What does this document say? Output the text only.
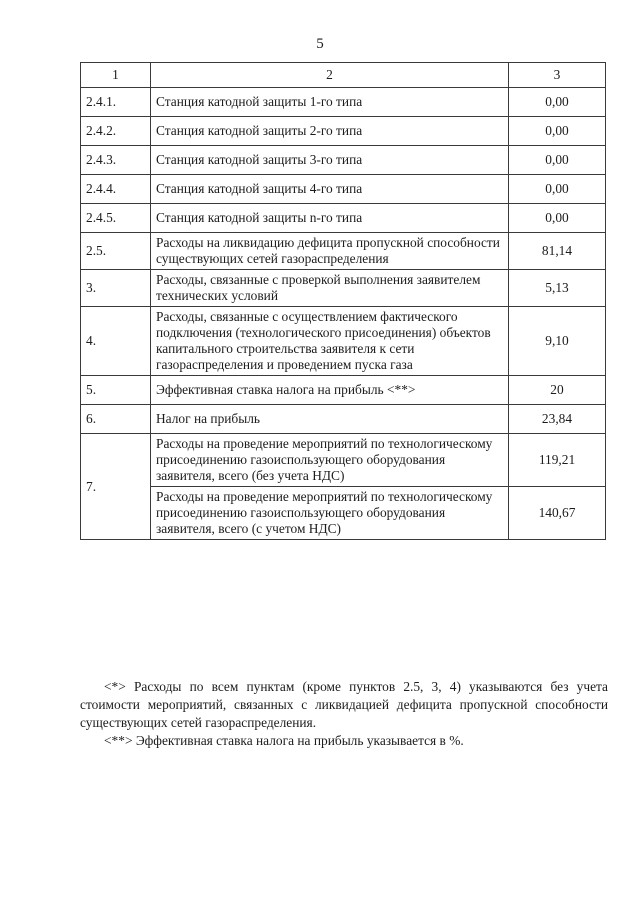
5
1	2	3
2.4.1.	Станция катодной защиты 1-го типа	0,00
2.4.2.	Станция катодной защиты 2-го типа	0,00
2.4.3.	Станция катодной защиты 3-го типа	0,00
2.4.4.	Станция катодной защиты 4-го типа	0,00
2.4.5.	Станция катодной защиты n-го типа	0,00
2.5.	Расходы на ликвидацию дефицита пропускной способности существующих сетей газораспределения	81,14
3.	Расходы, связанные с проверкой выполнения заявителем технических условий	5,13
4.	Расходы, связанные с осуществлением фактического подключения (технологического присоединения) объектов капитального строительства заявителя к сети газораспределения и проведением пуска газа	9,10
5.	Эффективная ставка налога на прибыль <**>	20
6.	Налог на прибыль	23,84
7.	Расходы на проведение мероприятий по технологическому присоединению газоиспользующего оборудования заявителя, всего (без учета НДС)	119,21
	Расходы на проведение мероприятий по технологическому присоединению газоиспользующего оборудования заявителя, всего (с учетом НДС)	140,67

<*> Расходы по всем пунктам (кроме пунктов 2.5, 3, 4) указываются без учета стоимости мероприятий, связанных с ликвидацией дефицита пропускной способности существующих сетей газораспределения.

<**> Эффективная ставка налога на прибыль указывается в %.
